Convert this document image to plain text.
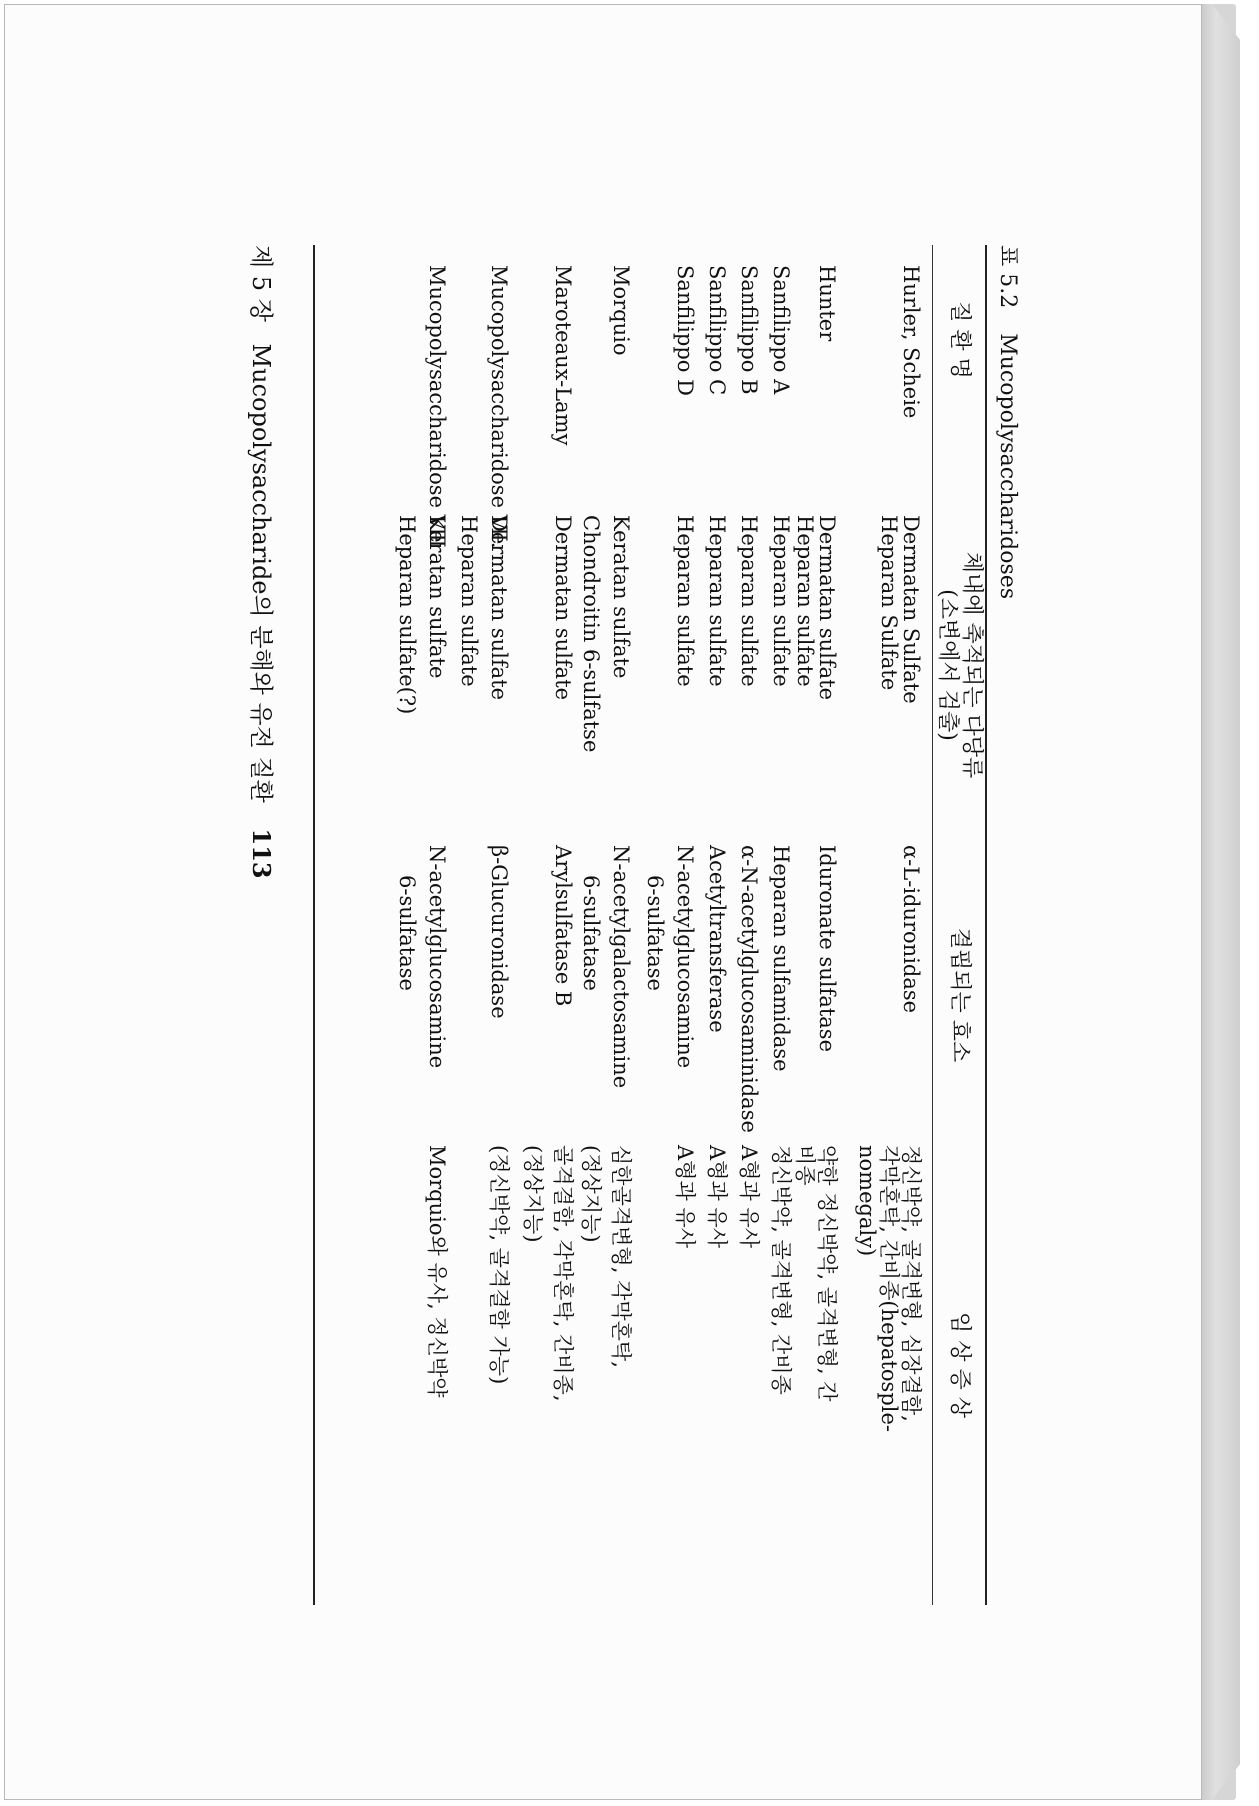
표 5.2 Mucopolysaccharidoses
질 환 명
체내에 축적되는 다당류
(소변에서 검출)
결핍되는 효소
임 상 증 상
Hurler, Scheie
Dermatan Sulfate
Heparan Sulfate
α-L-iduronidase
정신박약, 골격변형, 심장결함,
각막혼탁, 간비종(hepatosple-
nomegaly)
Hunter
Dermatan sulfate
Heparan sulfate
Iduronate sulfatase
약한 정신박약, 골격변형, 간
비종
Sanfilippo A
Heparan sulfate
Heparan sulfamidase
정신박약, 골격변형, 간비종
Sanfilippo B
Heparan sulfate
α-N-acetylglucosaminidase
A형과 유사
Sanfilippo C
Heparan sulfate
Acetyltransferase
A형과 유사
Sanfilippo D
Heparan sulfate
N-acetylglucosamine
6-sulfatase
A형과 유사
Morquio
Keratan sulfate
Chondroitin 6-sulfatse
N-acetylgalactosamine
6-sulfatase
심한골격변형, 각막혼탁,
(정상지능)
Maroteaux-Lamy
Dermatan sulfate
Arylsulfatase B
골격결함, 각막혼탁, 간비종,
(정상지능)
Mucopolysaccharidose Ⅶ.
Dermatan sulfate
Heparan sulfate
β-Glucuronidase
(정신박약, 골격결함 가능)
Mucopolysaccharidose Ⅷ
Keratan sulfate
Heparan sulfate(?)
N-acetylglucosamine
6-sulfatase
Morquio와 유사, 정신박약
제 5 장 Mucopolysaccharide의 분해와 유전 질환 113
